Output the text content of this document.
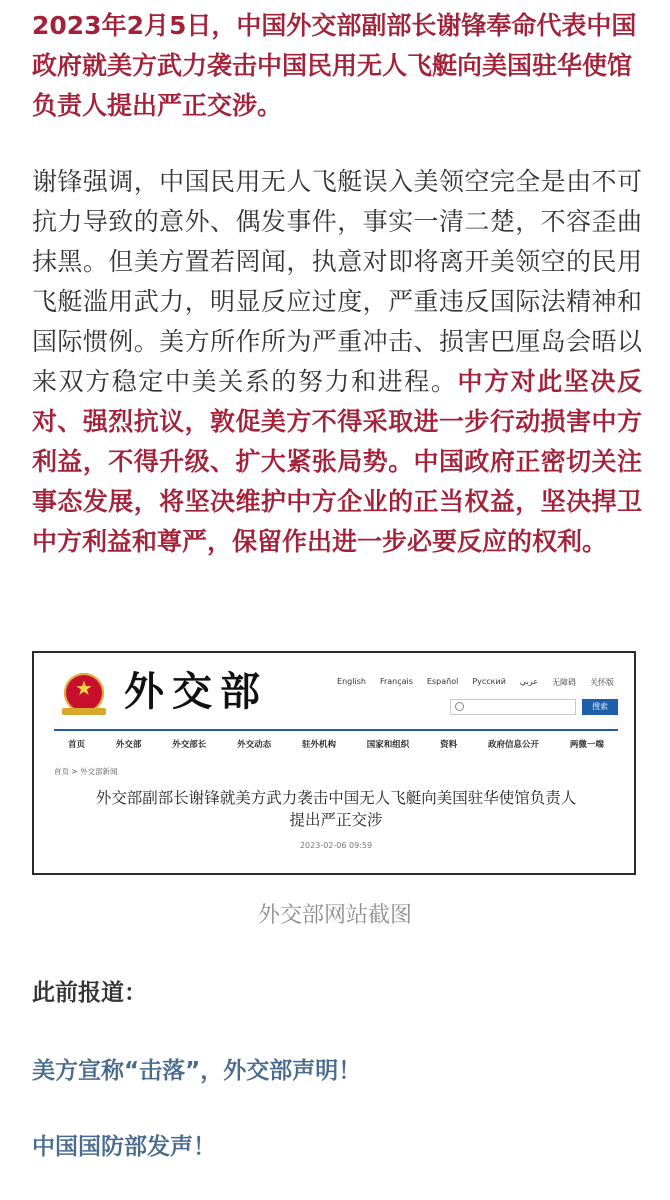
2023年2月5日，中国外交部副部长谢锋奉命代表中国政府就美方武力袭击中国民用无人飞艇向美国驻华使馆负责人提出严正交涉。

谢锋强调，中国民用无人飞艇误入美领空完全是由不可抗力导致的意外、偶发事件，事实一清二楚，不容歪曲抹黑。但美方置若罔闻，执意对即将离开美领空的民用飞艇滥用武力，明显反应过度，严重违反国际法精神和国际惯例。美方所作所为严重冲击、损害巴厘岛会晤以来双方稳定中美关系的努力和进程。中方对此坚决反对、强烈抗议，敦促美方不得采取进一步行动损害中方利益，不得升级、扩大紧张局势。中国政府正密切关注事态发展，将坚决维护中方企业的正当权益，坚决捍卫中方利益和尊严，保留作出进一步必要反应的权利。

★
外交部	English Français Español Русский عربي 无障碍 关怀版
搜索
首页	外交部	外交部长	外交动态	驻外机构	国家和组织	资料	政府信息公开	两微一端
首页 > 外交部新闻
外交部副部长谢锋就美方武力袭击中国无人飞艇向美国驻华使馆负责人
提出严正交涉
2023-02-06 09:59
外交部网站截图
此前报道：
美方宣称“击落”，外交部声明！
中国国防部发声！
